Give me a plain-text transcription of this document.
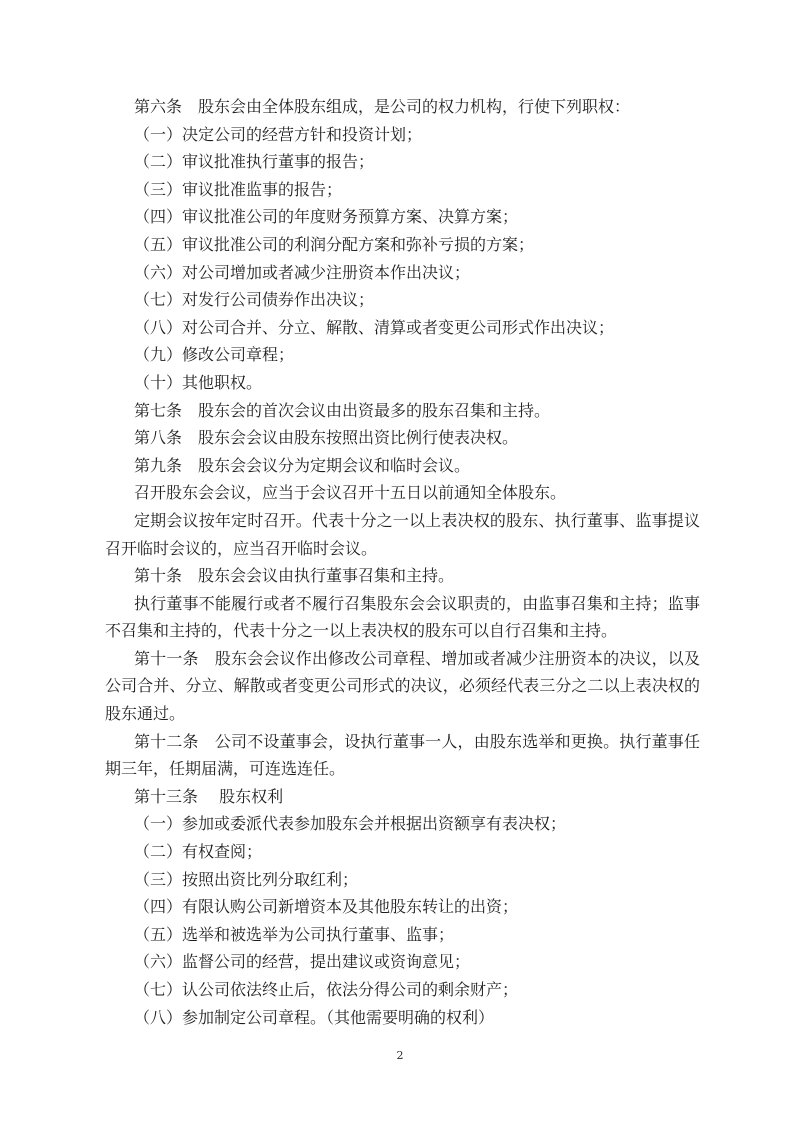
第六条　股东会由全体股东组成，是公司的权力机构，行使下列职权：
（一）决定公司的经营方针和投资计划；
（二）审议批准执行董事的报告；
（三）审议批准监事的报告；
（四）审议批准公司的年度财务预算方案、决算方案；
（五）审议批准公司的利润分配方案和弥补亏损的方案；
（六）对公司增加或者减少注册资本作出决议；
（七）对发行公司债券作出决议；
（八）对公司合并、分立、解散、清算或者变更公司形式作出决议；
（九）修改公司章程；
（十）其他职权。
第七条　股东会的首次会议由出资最多的股东召集和主持。
第八条　股东会会议由股东按照出资比例行使表决权。
第九条　股东会会议分为定期会议和临时会议。
召开股东会会议，应当于会议召开十五日以前通知全体股东。
定期会议按年定时召开。代表十分之一以上表决权的股东、执行董事、监事提议
召开临时会议的，应当召开临时会议。
第十条　股东会会议由执行董事召集和主持。
执行董事不能履行或者不履行召集股东会会议职责的，由监事召集和主持；监事
不召集和主持的，代表十分之一以上表决权的股东可以自行召集和主持。
第十一条　股东会会议作出修改公司章程、增加或者减少注册资本的决议，以及
公司合并、分立、解散或者变更公司形式的决议，必须经代表三分之二以上表决权的
股东通过。
第十二条　公司不设董事会，设执行董事一人，由股东选举和更换。执行董事任
期三年，任期届满，可连选连任。
第十三条　 股东权利
（一）参加或委派代表参加股东会并根据出资额享有表决权；
（二）有权查阅；
（三）按照出资比列分取红利；
（四）有限认购公司新增资本及其他股东转让的出资；
（五）选举和被选举为公司执行董事、监事；
（六）监督公司的经营，提出建议或资询意见；
（七）认公司依法终止后，依法分得公司的剩余财产；
（八）参加制定公司章程。（其他需要明确的权利）
2
